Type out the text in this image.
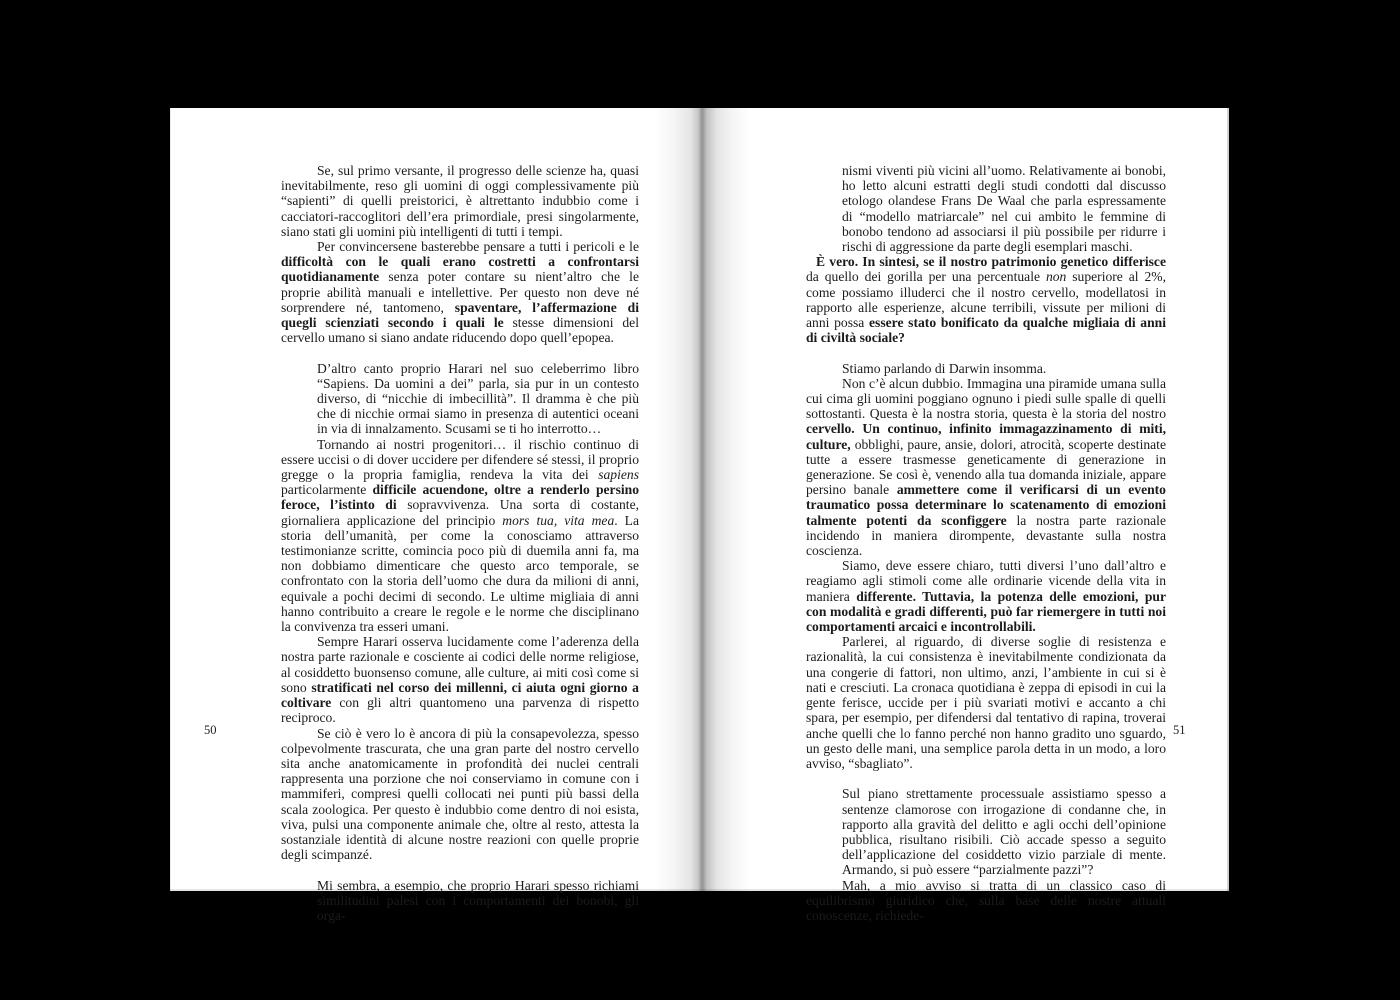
Se, sul primo versante, il progresso delle scienze ha, quasi inevitabilmente, reso gli uomini di oggi complessivamente più “sapienti” di quelli preistorici, è altrettanto indubbio come i cacciatori-raccoglitori dell’era primordiale, presi singolarmente, siano stati gli uomini più intelligenti di tutti i tempi.

Per convincersene basterebbe pensare a tutti i pericoli e le difficoltà con le quali erano costretti a confrontarsi quotidianamente senza poter contare su nient’altro che le proprie abilità manuali e intellettive. Per questo non deve né sorprendere né, tantomeno, spaventare, l’affermazione di quegli scienziati secondo i quali le stesse dimensioni del cervello umano si siano andate riducendo dopo quell’epopea.

D’altro canto proprio Harari nel suo celeberrimo libro “Sapiens. Da uomini a dei” parla, sia pur in un contesto diverso, di “nicchie di imbecillità”. Il dramma è che più che di nicchie ormai siamo in presenza di autentici oceani in via di innalzamento. Scusami se ti ho interrotto…

Tornando ai nostri progenitori… il rischio continuo di essere uccisi o di dover uccidere per difendere sé stessi, il proprio gregge o la propria famiglia, rendeva la vita dei sapiens particolarmente difficile acuendone, oltre a renderlo persino feroce, l’istinto di sopravvivenza. Una sorta di costante, giornaliera applicazione del principio mors tua, vita mea. La storia dell’umanità, per come la conosciamo attraverso testimonianze scritte, comincia poco più di duemila anni fa, ma non dobbiamo dimenticare che questo arco temporale, se confrontato con la storia dell’uomo che dura da milioni di anni, equivale a pochi decimi di secondo. Le ultime migliaia di anni hanno contribuito a creare le regole e le norme che disciplinano la convivenza tra esseri umani.

Sempre Harari osserva lucidamente come l’aderenza della nostra parte razionale e cosciente ai codici delle norme religiose, al cosiddetto buonsenso comune, alle culture, ai miti così come si sono stratificati nel corso dei millenni, ci aiuta ogni giorno a coltivare con gli altri quantomeno una parvenza di rispetto reciproco.

Se ciò è vero lo è ancora di più la consapevolezza, spesso colpevolmente trascurata, che una gran parte del nostro cervello sita anche anatomicamente in profondità dei nuclei centrali rappresenta una porzione che noi conserviamo in comune con i mammiferi, compresi quelli collocati nei punti più bassi della scala zoologica. Per questo è indubbio come dentro di noi esista, viva, pulsi una componente animale che, oltre al resto, attesta la sostanziale identità di alcune nostre reazioni con quelle proprie degli scimpanzé.

Mi sembra, a esempio, che proprio Harari spesso richiami similitudini palesi con i comportamenti dei bonobi, gli orga-

50

nismi viventi più vicini all’uomo. Relativamente ai bonobi, ho letto alcuni estratti degli studi condotti dal discusso etologo olandese Frans De Waal che parla espressamente di “modello matriarcale” nel cui ambito le femmine di bonobo tendono ad associarsi il più possibile per ridurre i rischi di aggressione da parte degli esemplari maschi.

È vero. In sintesi, se il nostro patrimonio genetico differisce da quello dei gorilla per una percentuale non superiore al 2%, come possiamo illuderci che il nostro cervello, modellatosi in rapporto alle esperienze, alcune terribili, vissute per milioni di anni possa essere stato bonificato da qualche migliaia di anni di civiltà sociale?

Stiamo parlando di Darwin insomma.

Non c’è alcun dubbio. Immagina una piramide umana sulla cui cima gli uomini poggiano ognuno i piedi sulle spalle di quelli sottostanti. Questa è la nostra storia, questa è la storia del nostro cervello. Un continuo, infinito immagazzinamento di miti, culture, obblighi, paure, ansie, dolori, atrocità, scoperte destinate tutte a essere trasmesse geneticamente di generazione in generazione. Se così è, venendo alla tua domanda iniziale, appare persino banale ammettere come il verificarsi di un evento traumatico possa determinare lo scatenamento di emozioni talmente potenti da sconfiggere la nostra parte razionale incidendo in maniera dirompente, devastante sulla nostra coscienza.

Siamo, deve essere chiaro, tutti diversi l’uno dall’altro e reagiamo agli stimoli come alle ordinarie vicende della vita in maniera differente. Tuttavia, la potenza delle emozioni, pur con modalità e gradi differenti, può far riemergere in tutti noi comportamenti arcaici e incontrollabili.

Parlerei, al riguardo, di diverse soglie di resistenza e razionalità, la cui consistenza è inevitabilmente condizionata da una congerie di fattori, non ultimo, anzi, l’ambiente in cui si è nati e cresciuti. La cronaca quotidiana è zeppa di episodi in cui la gente ferisce, uccide per i più svariati motivi e accanto a chi spara, per esempio, per difendersi dal tentativo di rapina, troverai anche quelli che lo fanno perché non hanno gradito uno sguardo, un gesto delle mani, una semplice parola detta in un modo, a loro avviso, “sbagliato”.

Sul piano strettamente processuale assistiamo spesso a sentenze clamorose con irrogazione di condanne che, in rapporto alla gravità del delitto e agli occhi dell’opinione pubblica, risultano risibili. Ciò accade spesso a seguito dell’applicazione del cosiddetto vizio parziale di mente. Armando, si può essere “parzialmente pazzi”?

Mah, a mio avviso si tratta di un classico caso di equilibrismo giuridico che, sulla base delle nostre attuali conoscenze, richiede-

51
